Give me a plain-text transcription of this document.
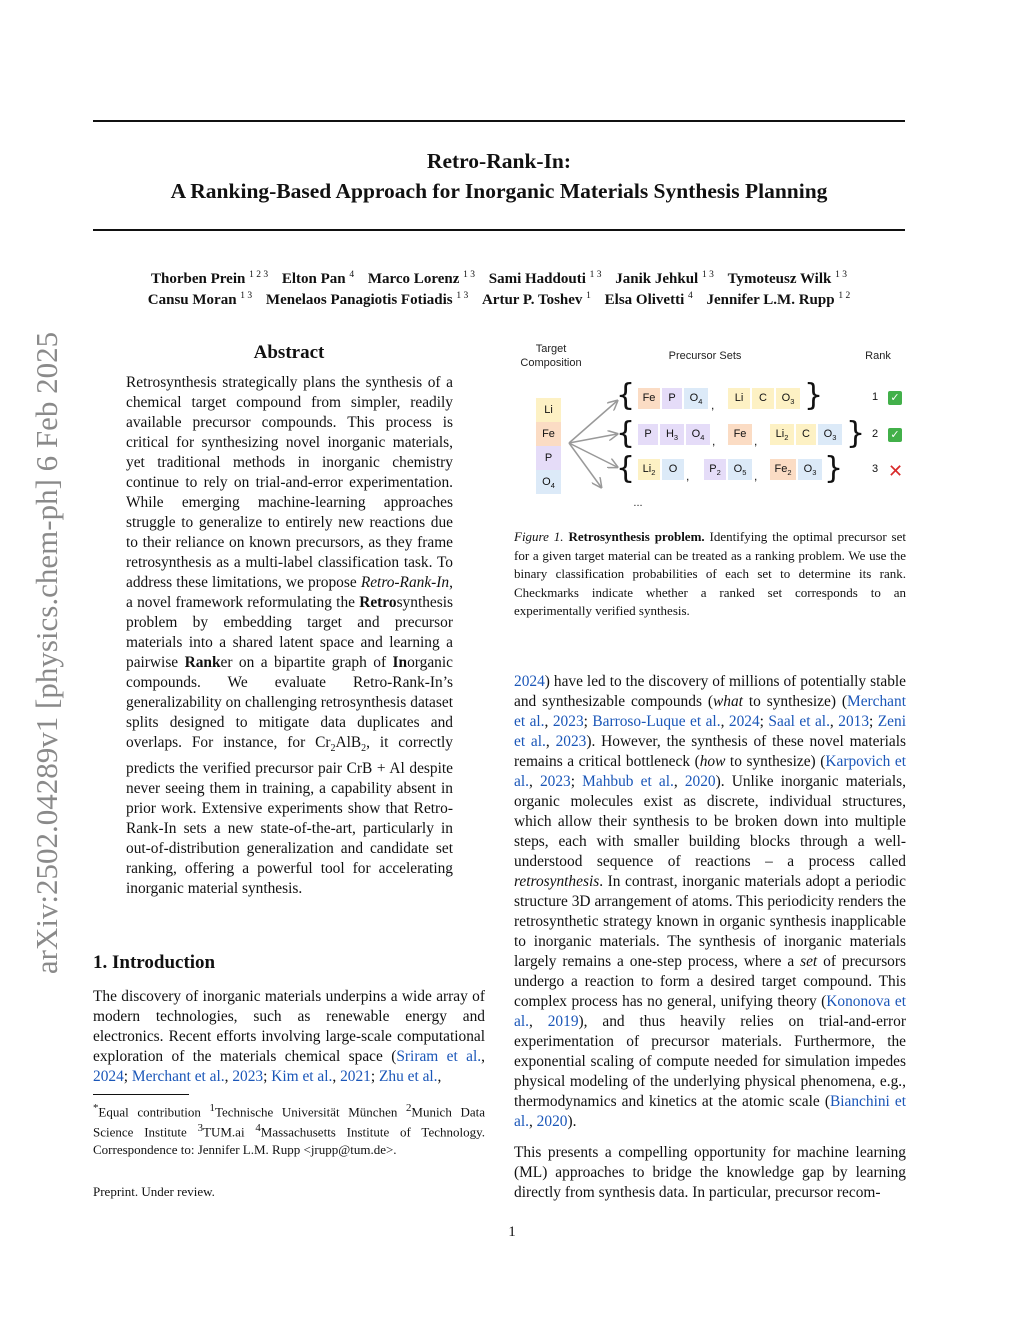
arXiv:2502.04289v1 [physics.chem-ph] 6 Feb 2025
Retro-Rank-In:
A Ranking-Based Approach for Inorganic Materials Synthesis Planning
Thorben Prein $^{1 2 3}$ Elton Pan $^4$ Marco Lorenz $^{1 3}$ Sami Haddouti $^{1 3}$ Janik Jehkul $^{1 3}$ Tymoteusz Wilk $^{1 3}$
Cansu Moran $^{1 3}$ Menelaos Panagiotis Fotiadis $^{1 3}$ Artur P. Toshev $^1$ Elsa Olivetti $^4$ Jennifer L.M. Rupp $^{1 2}$
Abstract
Retrosynthesis strategically plans the synthesis of a chemical target compound from simpler, readily available precursor compounds. This process is critical for synthesizing novel inorganic materials, yet traditional methods in inorganic chemistry continue to rely on trial-and-error experimentation. While emerging machine-learning approaches struggle to generalize to entirely new reactions due to their reliance on known precursors, as they frame retrosynthesis as a multi-label classification task. To address these limitations, we propose Retro-Rank-In, a novel framework reformulating the Retrosynthesis problem by embedding target and precursor materials into a shared latent space and learning a pairwise Ranker on a bipartite graph of Inorganic compounds. We evaluate Retro-Rank-In’s generalizability on challenging retrosynthesis dataset splits designed to mitigate data duplicates and overlaps. For instance, for $Cr_2AlB_2$, it correctly predicts the verified precursor pair CrB + Al despite never seeing them in training, a capability absent in prior work. Extensive experiments show that Retro-Rank-In sets a new state-of-the-art, particularly in out-of-distribution generalization and candidate set ranking, offering a powerful tool for accelerating inorganic material synthesis.
1. Introduction
The discovery of inorganic materials underpins a wide array of modern technologies, such as renewable energy and electronics. Recent efforts involving large-scale computational exploration of the materials chemical space (Sriram et al., 2024; Merchant et al., 2023; Kim et al., 2021; Zhu et al.,
*Equal contribution $^1$Technische Universität München $^2$Munich Data Science Institute $^3$TUM.ai $^4$Massachusetts Institute of Technology. Correspondence to: Jennifer L.M. Rupp <jrupp@tum.de>.
Preprint. Under review.
Target
Composition
Precursor Sets	Rank
Li
Fe
P
$O_4$
{ Fe	P	$O_4$ ,	Li	C	$O_3$ }	1 ✓
{ P	$H_3$	$O_4$ ,	Fe ,	$Li_2$	C	$O_3$ } 2 ✓
{ $Li_2$	O ,	$P_2$	$O_5$ ,	$Fe_2$	$O_3$ }	3 ✕
...
Figure 1. Retrosynthesis problem. Identifying the optimal precursor set for a given target material can be treated as a ranking problem. We use the binary classification probabilities of each set to determine its rank. Checkmarks indicate whether a ranked set corresponds to an experimentally verified synthesis.
2024) have led to the discovery of millions of potentially stable and synthesizable compounds (what to synthesize) (Merchant et al., 2023; Barroso-Luque et al., 2024; Saal et al., 2013; Zeni et al., 2023). However, the synthesis of these novel materials remains a critical bottleneck (how to synthesize) (Karpovich et al., 2023; Mahbub et al., 2020). Unlike inorganic materials, organic molecules exist as discrete, individual structures, which allow their synthesis to be broken down into multiple steps, each with smaller building blocks through a well-understood sequence of reactions – a process called retrosynthesis. In contrast, inorganic materials adopt a periodic structure 3D arrangement of atoms. This periodicity renders the retrosynthetic strategy known in organic synthesis inapplicable to inorganic materials. The synthesis of inorganic materials largely remains a one-step process, where a set of precursors undergo a reaction to form a desired target compound. This complex process has no general, unifying theory (Kononova et al., 2019), and thus heavily relies on trial-and-error experimentation of precursor materials. Furthermore, the exponential scaling of compute needed for simulation impedes physical modeling of the underlying physical phenomena, e.g., thermodynamics and kinetics at the atomic scale (Bianchini et al., 2020).
This presents a compelling opportunity for machine learning (ML) approaches to bridge the knowledge gap by learning directly from synthesis data. In particular, precursor recom-
1
